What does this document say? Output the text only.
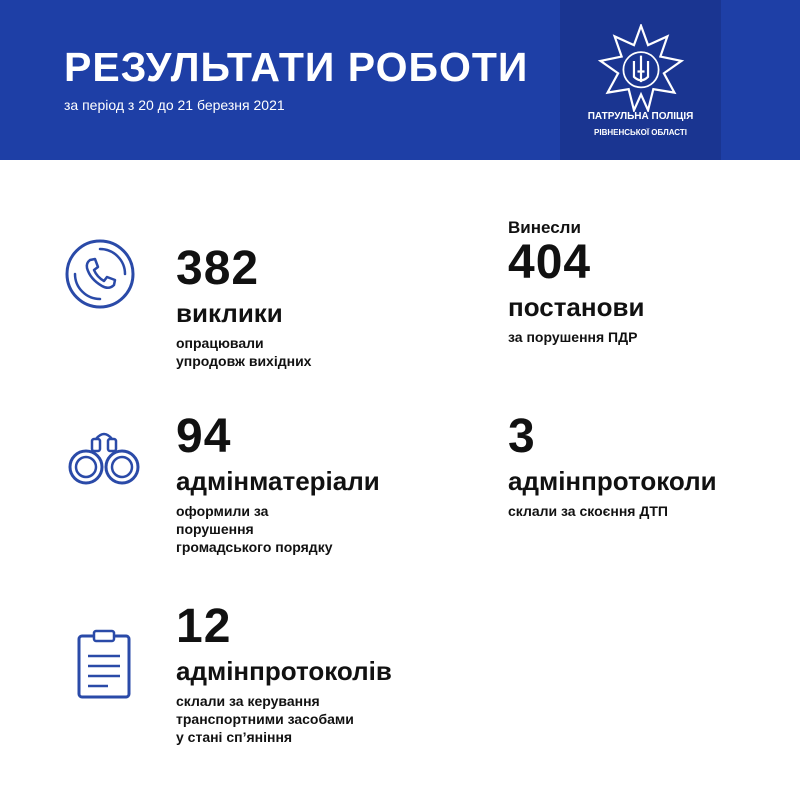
РЕЗУЛЬТАТИ РОБОТИ
за період з 20 до 21 березня 2021
ПАТРУЛЬНА ПОЛІЦІЯ
РІВНЕНСЬКОЇ ОБЛАСТІ
382
виклики
опрацювали
упродовж вихідних
Винесли
404
постанови
за порушення ПДР
94
адмінматеріали
оформили за
порушення
громадського порядку
3
адмінпротоколи
склали за скоєння ДТП
12
адмінпротоколів
склали за керування
транспортними засобами
у стані сп’яніння
